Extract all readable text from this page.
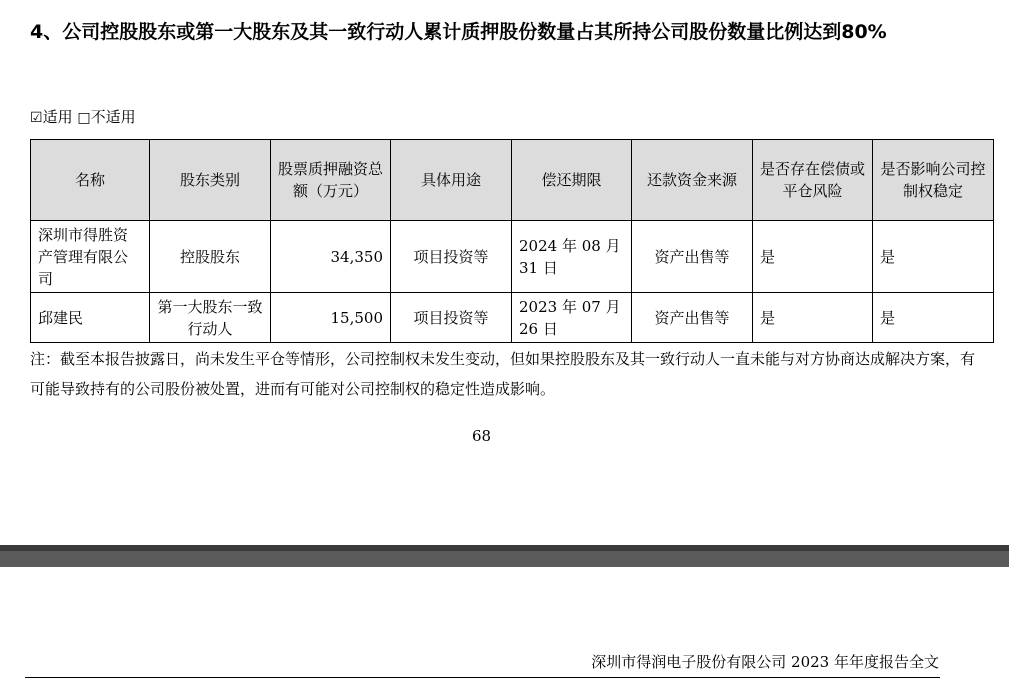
4、公司控股股东或第一大股东及其一致行动人累计质押股份数量占其所持公司股份数量比例达到80%
☑适用 □不适用
名称	股东类别	股票质押融资总额（万元）	具体用途	偿还期限	还款资金来源	是否存在偿债或平仓风险	是否影响公司控制权稳定
深圳市得胜资产管理有限公司	控股股东	34,350	项目投资等	2024 年 08 月 31 日	资产出售等	是	是
邱建民	第一大股东一致行动人	15,500	项目投资等	2023 年 07 月 26 日	资产出售等	是	是
注：截至本报告披露日，尚未发生平仓等情形，公司控制权未发生变动，但如果控股股东及其一致行动人一直未能与对方协商达成解决方案，有可能导致持有的公司股份被处置，进而有可能对公司控制权的稳定性造成影响。
68
深圳市得润电子股份有限公司 2023 年年度报告全文
